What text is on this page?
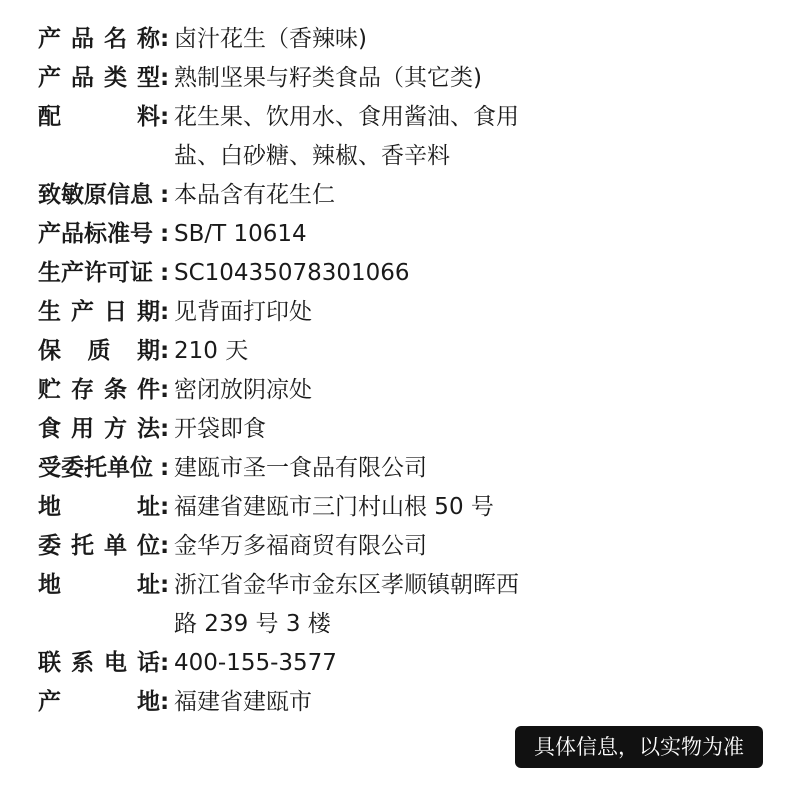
产 品 名 称 : 卤汁花生（香辣味)
产 品 类 型 : 熟制坚果与籽类食品（其它类)
配	料 : 花生果、饮用水、食用酱油、食用
盐、白砂糖、辣椒、香辛料
致敏原信息 : 本品含有花生仁
产品标准号 : SB/T 10614
生产许可证 : SC10435078301066
生 产 日 期 : 见背面打印处
保 质 期 : 210 天
贮 存 条 件 : 密闭放阴凉处
食 用 方 法 : 开袋即食
受委托单位 : 建瓯市圣一食品有限公司
地	址 : 福建省建瓯市三门村山根 50 号
委 托 单 位 : 金华万多福商贸有限公司
地	址 : 浙江省金华市金东区孝顺镇朝晖西
路 239 号 3 楼
联 系 电 话 : 400-155-3577
产	地 : 福建省建瓯市
具体信息，以实物为准
